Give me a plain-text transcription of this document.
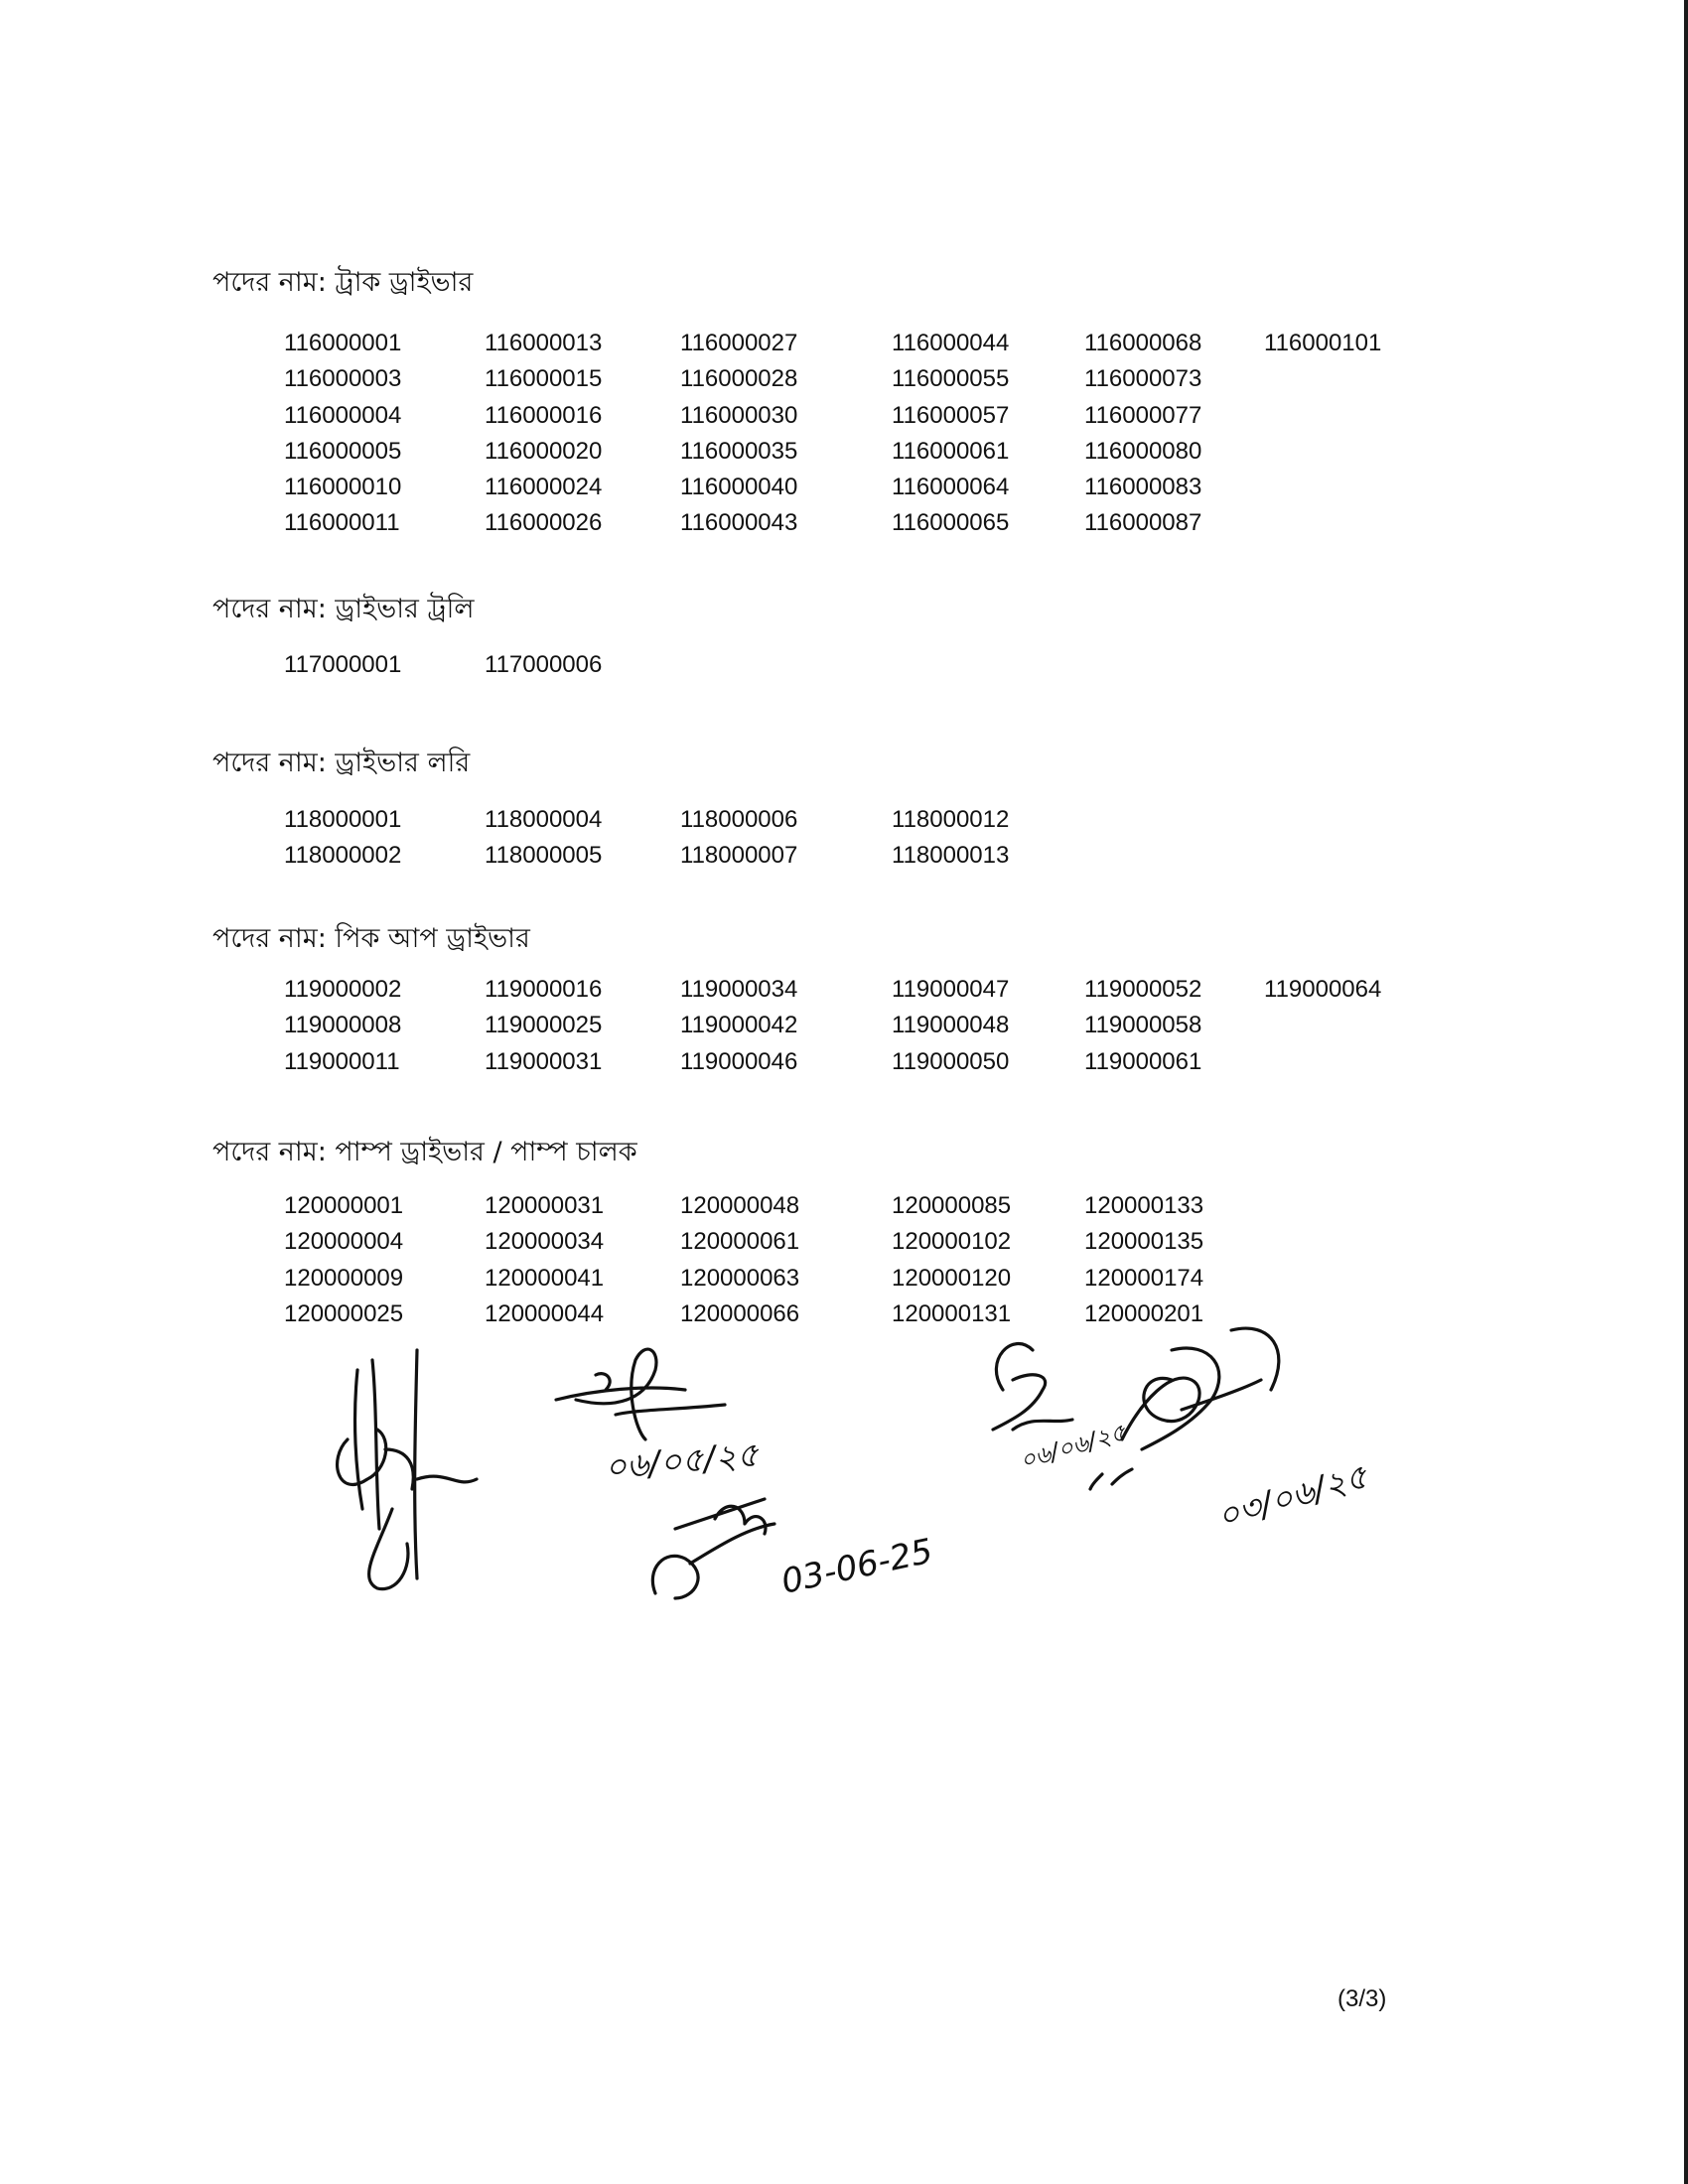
পদের নাম: ট্রাক ড্রাইভার
116000001	116000013	116000027	116000044	116000068	116000101
116000003	116000015	116000028	116000055	116000073
116000004	116000016	116000030	116000057	116000077
116000005	116000020	116000035	116000061	116000080
116000010	116000024	116000040	116000064	116000083
116000011	116000026	116000043	116000065	116000087
পদের নাম: ড্রাইভার ট্রলি
117000001	117000006
পদের নাম: ড্রাইভার লরি
118000001	118000004	118000006	118000012
118000002	118000005	118000007	118000013
পদের নাম: পিক আপ ড্রাইভার
119000002	119000016	119000034	119000047	119000052	119000064
119000008	119000025	119000042	119000048	119000058
119000011	119000031	119000046	119000050	119000061
পদের নাম: পাম্প ড্রাইভার / পাম্প চালক
120000001	120000031	120000048	120000085	120000133
120000004	120000034	120000061	120000102	120000135
120000009	120000041	120000063	120000120	120000174
120000025	120000044	120000066	120000131	120000201
০৬/০৫/২৫
03-06-25
০৬/০৬/২৫
০৩/০৬/২৫
(3/3)
